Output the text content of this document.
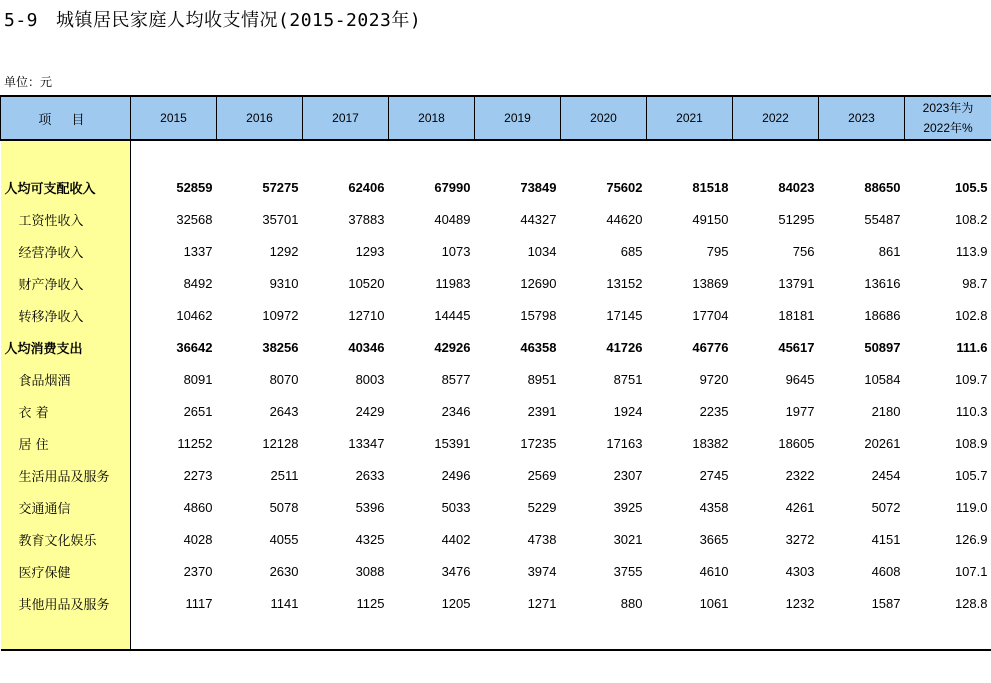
5-9 城镇居民家庭人均收支情况(2015-2023年)
单位：元
项 目	2015	2016	2017	2018	2019	2020	2021	2022	2023	2023年为
2022年%

人均可支配收入	52859	57275	62406	67990	73849	75602	81518	84023	88650	105.5
工资性收入	32568	35701	37883	40489	44327	44620	49150	51295	55487	108.2
经营净收入	1337	1292	1293	1073	1034	685	795	756	861	113.9
财产净收入	8492	9310	10520	11983	12690	13152	13869	13791	13616	98.7
转移净收入	10462	10972	12710	14445	15798	17145	17704	18181	18686	102.8
人均消费支出	36642	38256	40346	42926	46358	41726	46776	45617	50897	111.6
食品烟酒	8091	8070	8003	8577	8951	8751	9720	9645	10584	109.7
衣 着	2651	2643	2429	2346	2391	1924	2235	1977	2180	110.3
居 住	11252	12128	13347	15391	17235	17163	18382	18605	20261	108.9
生活用品及服务	2273	2511	2633	2496	2569	2307	2745	2322	2454	105.7
交通通信	4860	5078	5396	5033	5229	3925	4358	4261	5072	119.0
教育文化娱乐	4028	4055	4325	4402	4738	3021	3665	3272	4151	126.9
医疗保健	2370	2630	3088	3476	3974	3755	4610	4303	4608	107.1
其他用品及服务	1117	1141	1125	1205	1271	880	1061	1232	1587	128.8
